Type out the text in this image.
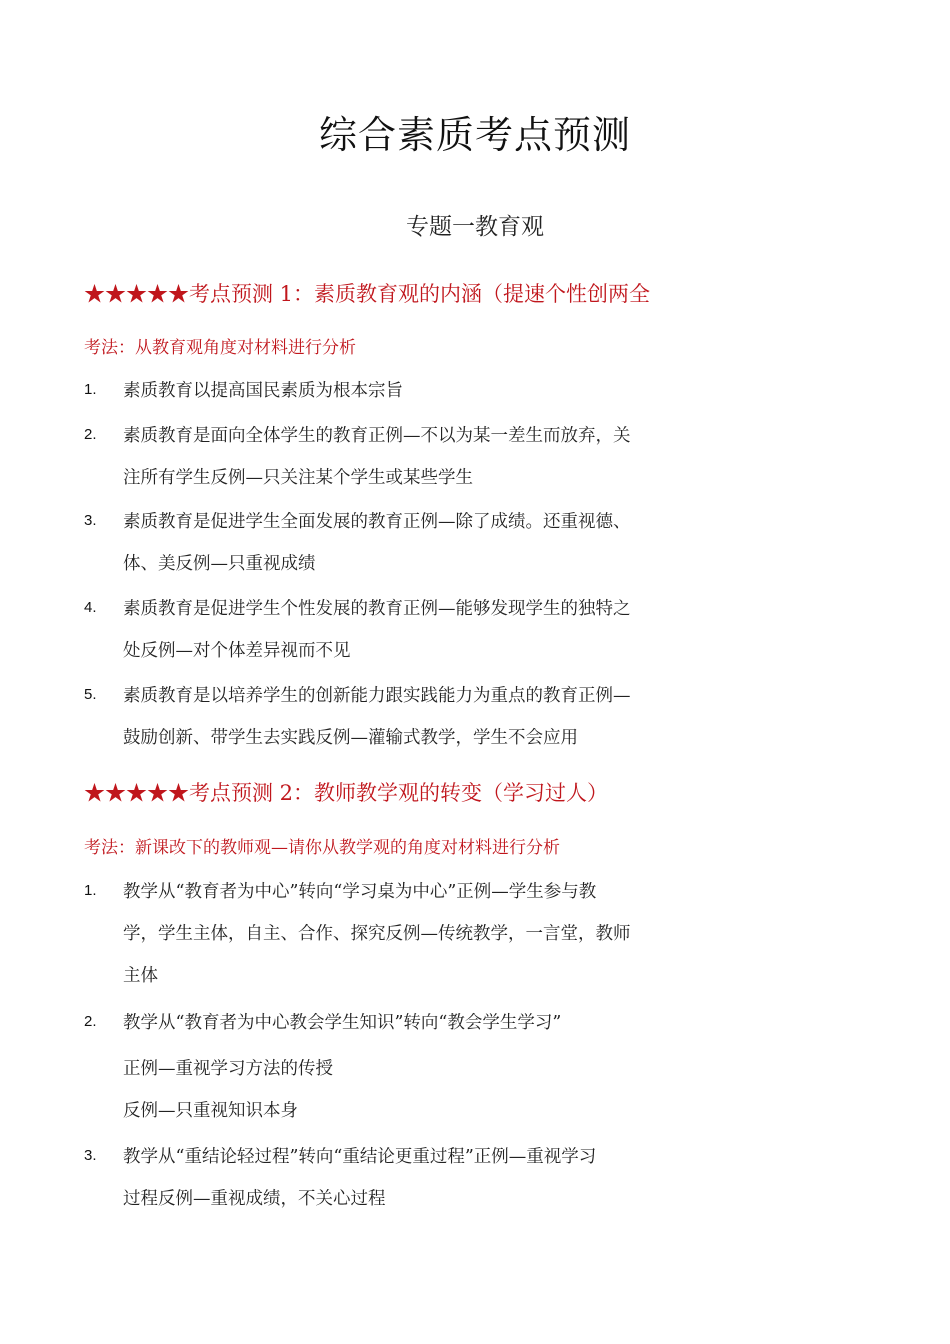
综合素质考点预测
专题一教育观
★★★★★考点预测 1：素质教育观的内涵（提速个性创两全
考法：从教育观角度对材料进行分析
1. 素质教育以提高国民素质为根本宗旨
2. 素质教育是面向全体学生的教育正例—不以为某一差生而放弃，关
注所有学生反例—只关注某个学生或某些学生
3. 素质教育是促进学生全面发展的教育正例—除了成绩。还重视德、
体、美反例—只重视成绩
4. 素质教育是促进学生个性发展的教育正例—能够发现学生的独特之
处反例—对个体差异视而不见
5. 素质教育是以培养学生的创新能力跟实践能力为重点的教育正例—
鼓励创新、带学生去实践反例—灌输式教学，学生不会应用
★★★★★考点预测 2：教师教学观的转变（学习过人）
考法：新课改下的教师观—请你从教学观的角度对材料进行分析
1. 教学从“教育者为中心”转向“学习桌为中心”正例—学生参与教
学，学生主体，自主、合作、探究反例—传统教学，一言堂，教师
主体
2. 教学从“教育者为中心教会学生知识”转向“教会学生学习”
正例—重视学习方法的传授
反例—只重视知识本身
3. 教学从“重结论轻过程”转向“重结论更重过程”正例—重视学习
过程反例—重视成绩，不关心过程
